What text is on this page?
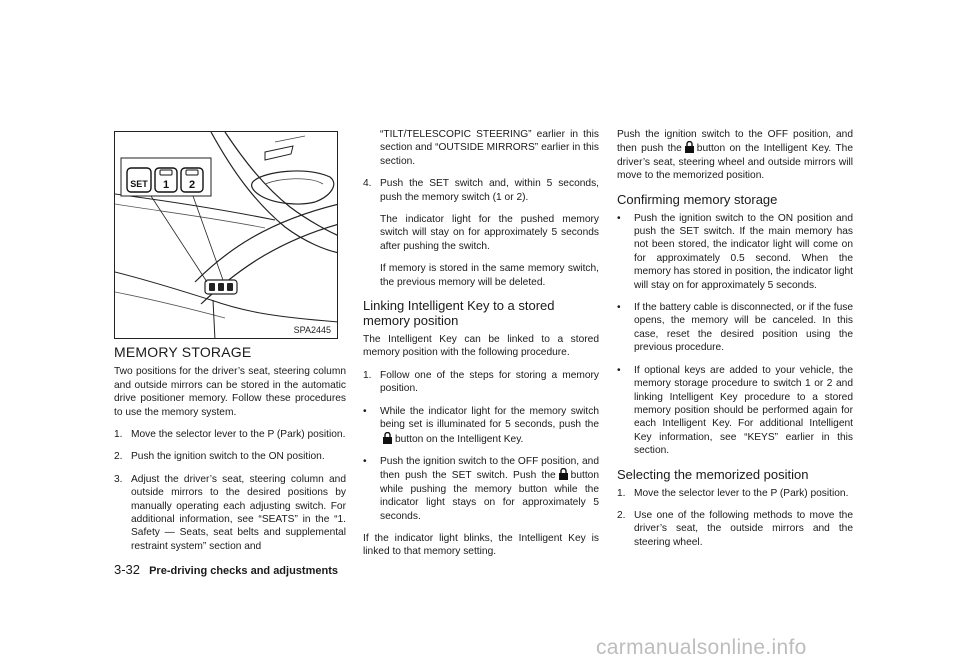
SET 1 2
SPA2445
MEMORY STORAGE

Two positions for the driver’s seat, steering column and outside mirrors can be stored in the automatic drive positioner memory. Follow these procedures to use the memory system.

1. Move the selector lever to the P (Park) position.
2. Push the ignition switch to the ON position.
3. Adjust the driver’s seat, steering column and outside mirrors to the desired positions by manually operating each adjusting switch. For additional information, see “SEATS” in the “1. Safety — Seats, seat belts and supplemental restraint system” section and

“TILT/TELESCOPIC STEERING” earlier in this section and “OUTSIDE MIRRORS” earlier in this section.

4. Push the SET switch and, within 5 seconds, push the memory switch (1 or 2).

The indicator light for the pushed memory switch will stay on for approximately 5 seconds after pushing the switch.

If memory is stored in the same memory switch, the previous memory will be deleted.

Linking Intelligent Key to a stored memory position

The Intelligent Key can be linked to a stored memory position with the following procedure.

1. Follow one of the steps for storing a memory position.
•	While the indicator light for the memory switch being set is illuminated for 5 seconds, push thebutton on the Intelligent Key.
•	Push the ignition switch to the OFF position, and then push the SET switch. Push the button while pushing the memory button while the indicator light stays on for approximately 5 seconds.

If the indicator light blinks, the Intelligent Key is linked to that memory setting.

Push the ignition switch to the OFF position, and then push the button on the Intelligent Key. The driver’s seat, steering wheel and outside mirrors will move to the memorized position.

Confirming memory storage
•	Push the ignition switch to the ON position and push the SET switch. If the main memory has not been stored, the indicator light will come on for approximately 0.5 second. When the memory has stored in position, the indicator light will stay on for approximately 5 seconds.
•	If the battery cable is disconnected, or if the fuse opens, the memory will be canceled. In this case, reset the desired position using the previous procedure.
•	If optional keys are added to your vehicle, the memory storage procedure to switch 1 or 2 and linking Intelligent Key procedure to a stored memory position should be performed again for each Intelligent Key. For additional Intelligent Key information, see “KEYS” earlier in this section.
Selecting the memorized position
1. Move the selector lever to the P (Park) position.
2. Use one of the following methods to move the driver’s seat, the outside mirrors and the steering wheel.
3-32 Pre-driving checks and adjustments
carmanualsonline.info
